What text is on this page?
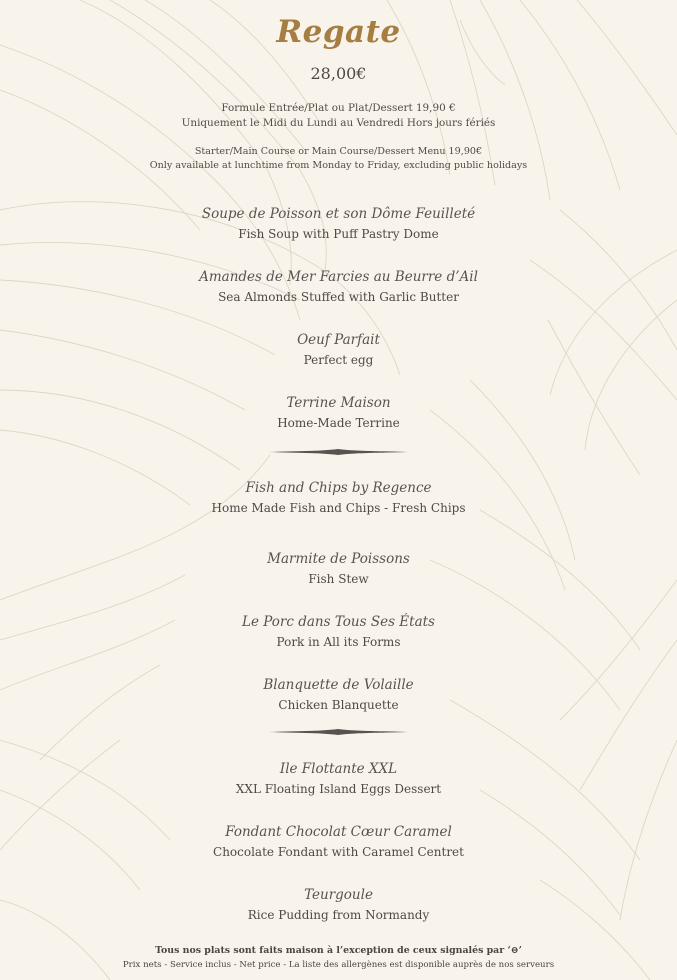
Regate
28,00€
Formule Entrée/Plat ou Plat/Dessert 19,90 €
Uniquement le Midi du Lundi au Vendredi Hors jours fériés
Starter/Main Course or Main Course/Dessert Menu 19,90€
Only available at lunchtime from Monday to Friday, excluding public holidays
Soupe de Poisson et son Dôme Feuilleté
Fish Soup with Puff Pastry Dome
Amandes de Mer Farcies au Beurre d’Ail
Sea Almonds Stuffed with Garlic Butter
Oeuf Parfait
Perfect egg
Terrine Maison
Home-Made Terrine
Fish and Chips by Regence
Home Made Fish and Chips - Fresh Chips
Marmite de Poissons
Fish Stew
Le Porc dans Tous Ses États
Pork in All its Forms
Blanquette de Volaille
Chicken Blanquette
Ile Flottante XXL
XXL Floating Island Eggs Dessert
Fondant Chocolat Cœur Caramel
Chocolate Fondant with Caramel Centret
Teurgoule
Rice Pudding from Normandy
Tous nos plats sont faits maison à l’exception de ceux signalés par ‘⊖’
Prix nets - Service inclus - Net price - La liste des allergènes est disponible auprès de nos serveurs
